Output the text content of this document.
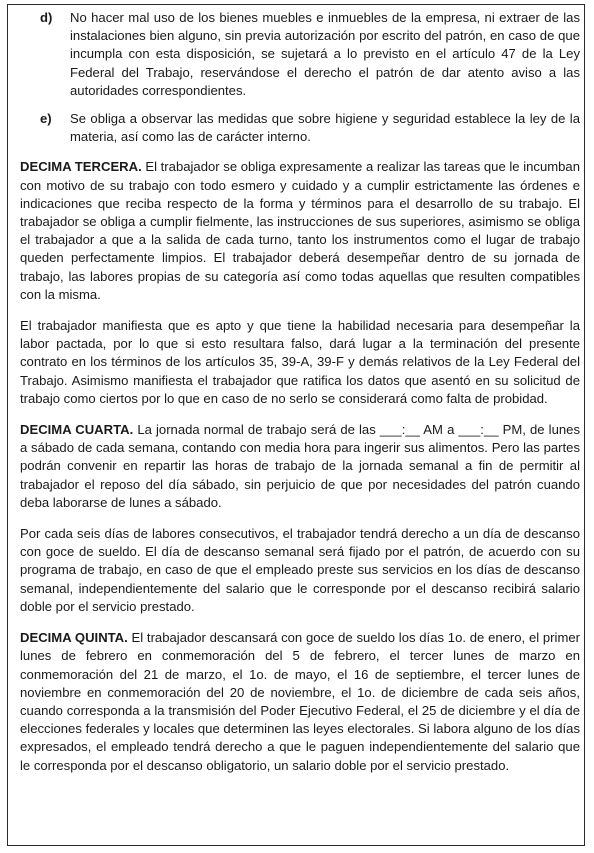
d)	No hacer mal uso de los bienes muebles e inmuebles de la empresa, ni extraer de las instalaciones bien alguno, sin previa autorización por escrito del patrón, en caso de que incumpla con esta disposición, se sujetará a lo previsto en el artículo 47 de la Ley Federal del Trabajo, reservándose el derecho el patrón de dar atento aviso a las autoridades correspondientes.
e)	Se obliga a observar las medidas que sobre higiene y seguridad establece la ley de la materia, así como las de carácter interno.

DECIMA TERCERA. El trabajador se obliga expresamente a realizar las tareas que le incumban con motivo de su trabajo con todo esmero y cuidado y a cumplir estrictamente las órdenes e indicaciones que reciba respecto de la forma y términos para el desarrollo de su trabajo. El trabajador se obliga a cumplir fielmente, las instrucciones de sus superiores, asimismo se obliga el trabajador a que a la salida de cada turno, tanto los instrumentos como el lugar de trabajo queden perfectamente limpios. El trabajador deberá desempeñar dentro de su jornada de trabajo, las labores propias de su categoría así como todas aquellas que resulten compatibles con la misma.

El trabajador manifiesta que es apto y que tiene la habilidad necesaria para desempeñar la labor pactada, por lo que si esto resultara falso, dará lugar a la terminación del presente contrato en los términos de los artículos 35, 39-A, 39-F y demás relativos de la Ley Federal del Trabajo. Asimismo manifiesta el trabajador que ratifica los datos que asentó en su solicitud de trabajo como ciertos por lo que en caso de no serlo se considerará como falta de probidad.

DECIMA CUARTA. La jornada normal de trabajo será de las ___:__ AM a ___:__ PM, de lunes a sábado de cada semana, contando con media hora para ingerir sus alimentos. Pero las partes podrán convenir en repartir las horas de trabajo de la jornada semanal a fin de permitir al trabajador el reposo del día sábado, sin perjuicio de que por necesidades del patrón cuando deba laborarse de lunes a sábado.

Por cada seis días de labores consecutivos, el trabajador tendrá derecho a un día de descanso con goce de sueldo. El día de descanso semanal será fijado por el patrón, de acuerdo con su programa de trabajo, en caso de que el empleado preste sus servicios en los días de descanso semanal, independientemente del salario que le corresponde por el descanso recibirá salario doble por el servicio prestado.

DECIMA QUINTA. El trabajador descansará con goce de sueldo los días 1o. de enero, el primer lunes de febrero en conmemoración del 5 de febrero, el tercer lunes de marzo en conmemoración del 21 de marzo, el 1o. de mayo, el 16 de septiembre, el tercer lunes de noviembre en conmemoración del 20 de noviembre, el 1o. de diciembre de cada seis años, cuando corresponda a la transmisión del Poder Ejecutivo Federal, el 25 de diciembre y el día de elecciones federales y locales que determinen las leyes electorales. Si labora alguno de los días expresados, el empleado tendrá derecho a que le paguen independientemente del salario que le corresponda por el descanso obligatorio, un salario doble por el servicio prestado.
